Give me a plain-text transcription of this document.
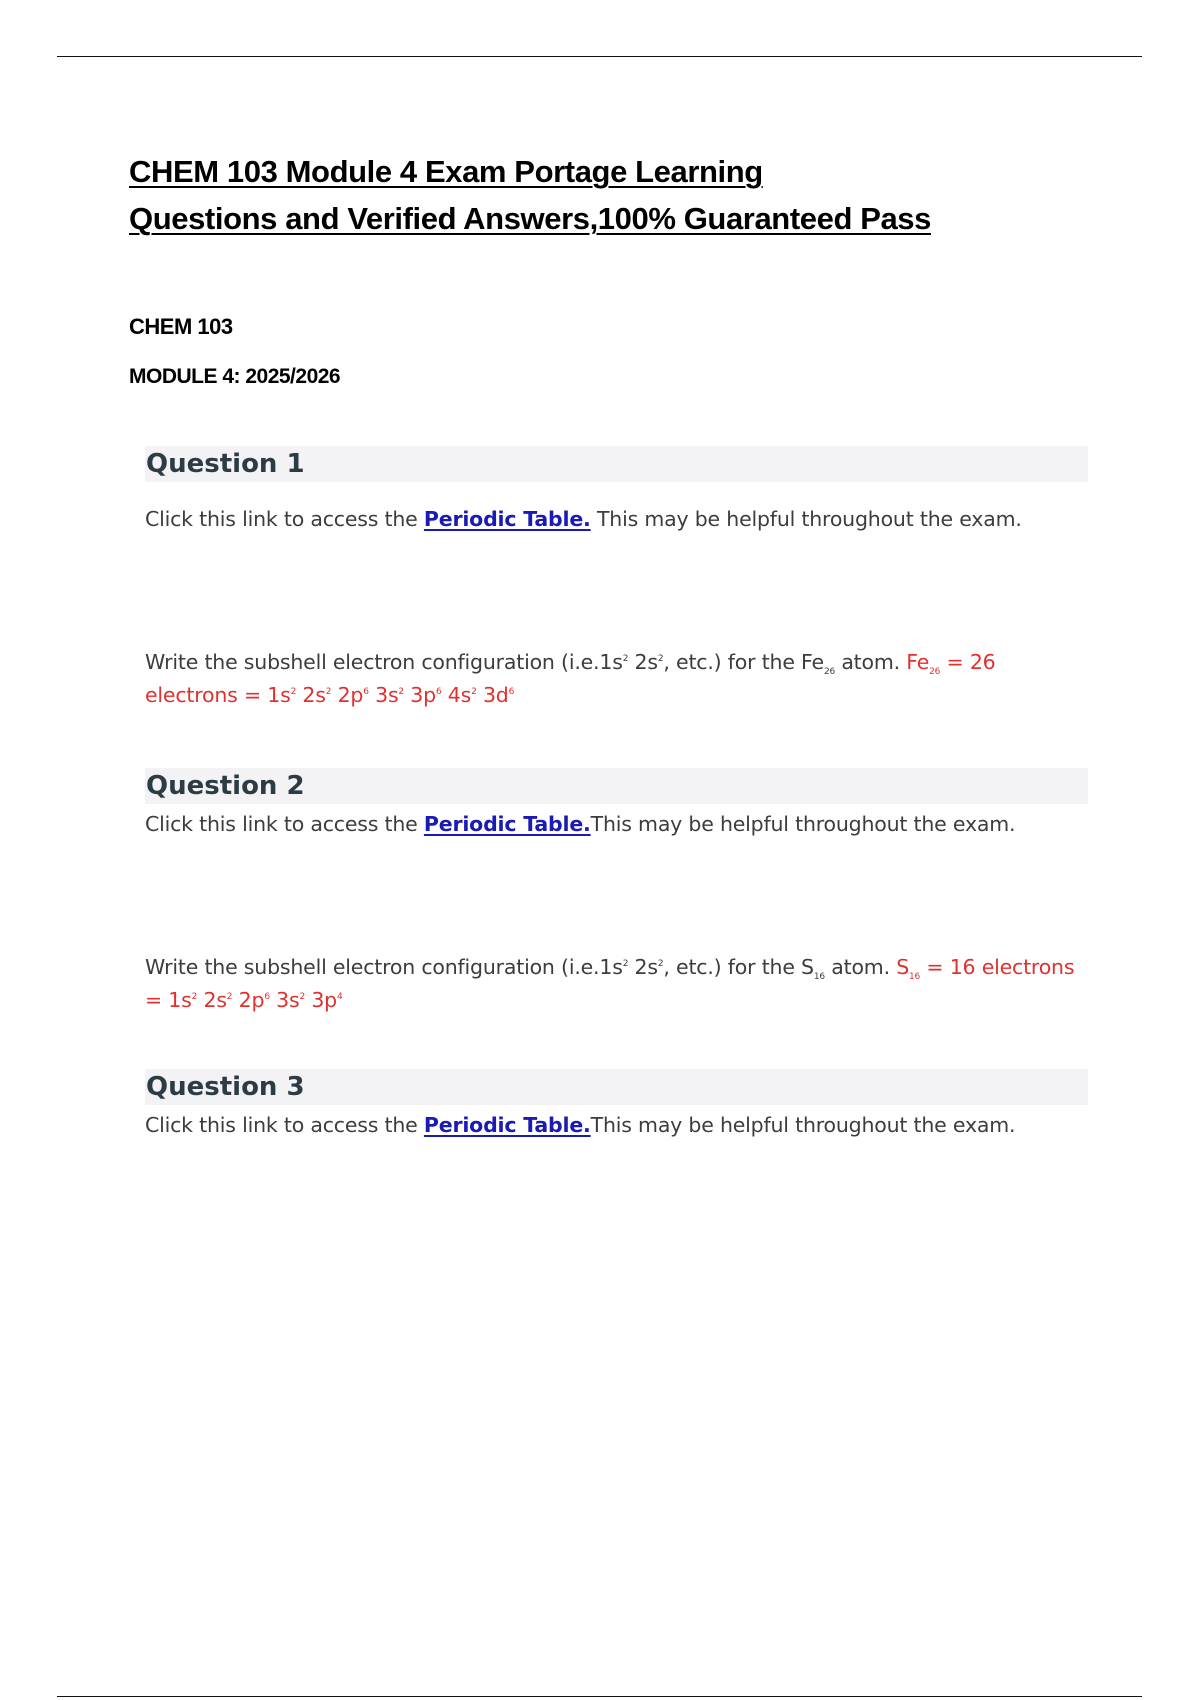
CHEM 103 Module 4 Exam Portage Learning
Questions and Verified Answers,100% Guaranteed Pass

CHEM 103

MODULE 4: 2025/2026

Question 1

Click this link to access the Periodic Table. This may be helpful throughout the exam.

Write the subshell electron configuration ($i.e.1s^2$ $2s^2$, etc.) for the $Fe_{26}$ atom. $Fe_{26} = 26$ electrons = $1s^2$ $2s^2$ $2p^6$ $3s^2$ $3p^6$ $4s^2$ $3d^6$

Question 2

Click this link to access the Periodic Table.This may be helpful throughout the exam.

Write the subshell electron configuration ($i.e.1s^2$ $2s^2$, etc.) for the $S_{16}$ atom. $S_{16} = 16$ electrons = $1s^2$ $2s^2$ $2p^6$ $3s^2$ $3p^4$

Question 3

Click this link to access the Periodic Table.This may be helpful throughout the exam.
